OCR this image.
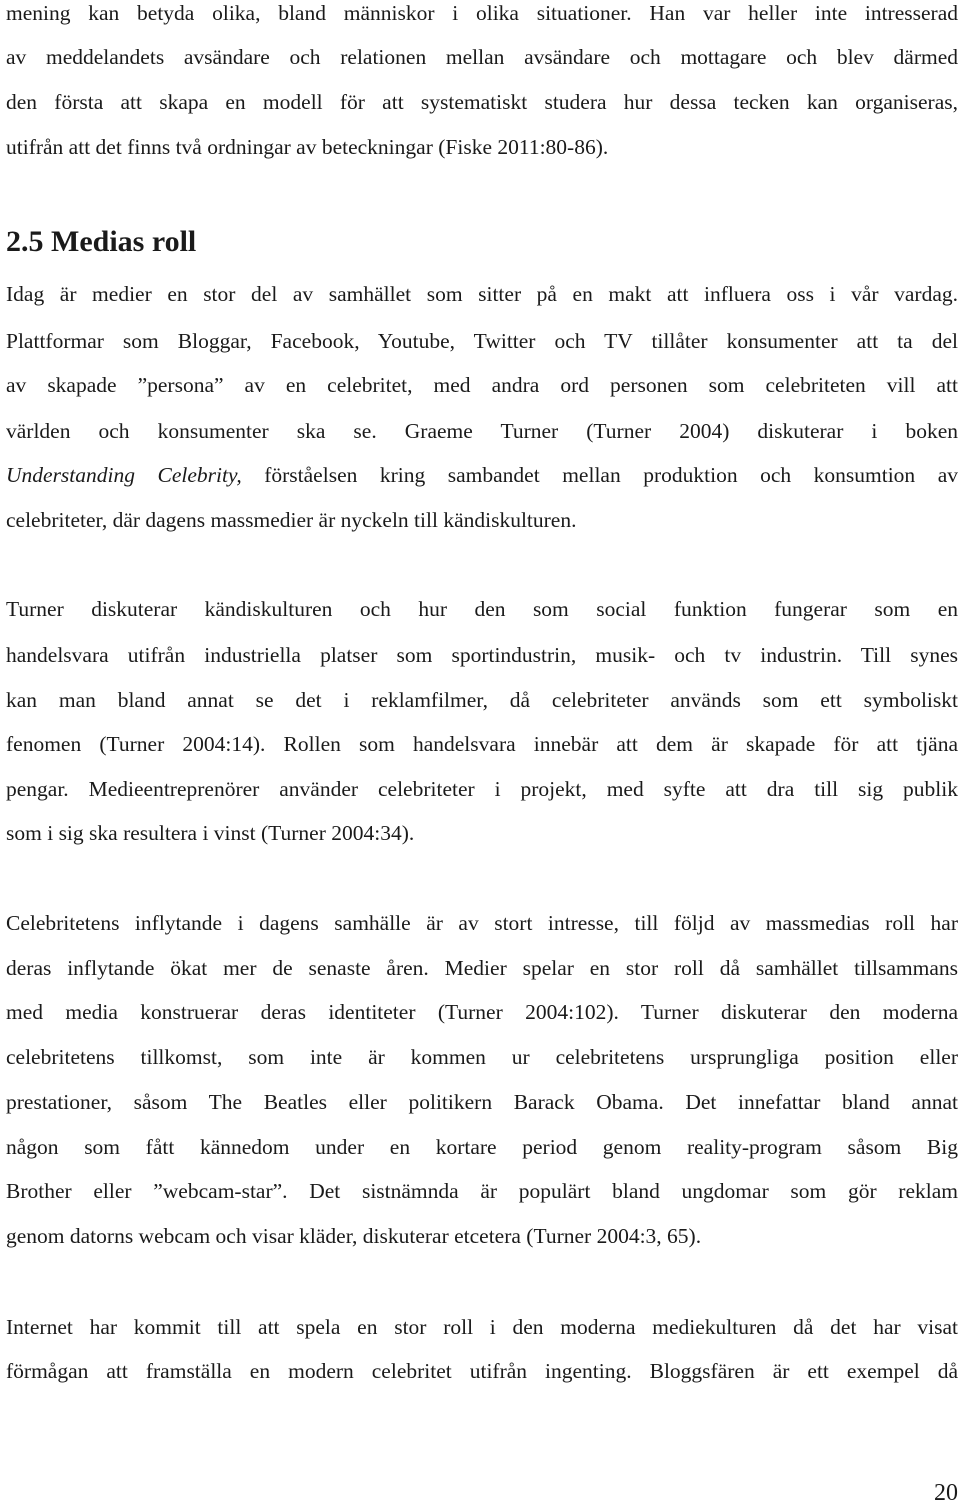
mening kan betyda olika, bland människor i olika situationer. Han var heller inte intresserad
av meddelandets avsändare och relationen mellan avsändare och mottagare och blev därmed
den första att skapa en modell för att systematiskt studera hur dessa tecken kan organiseras,
utifrån att det finns två ordningar av beteckningar (Fiske 2011:80-86).
2.5 Medias roll
Idag är medier en stor del av samhället som sitter på en makt att influera oss i vår vardag.
Plattformar som Bloggar, Facebook, Youtube, Twitter och TV tillåter konsumenter att ta del
av skapade ”persona” av en celebritet, med andra ord personen som celebriteten vill att
världen och konsumenter ska se. Graeme Turner (Turner 2004) diskuterar i boken
Understanding Celebrity, förståelsen kring sambandet mellan produktion och konsumtion av
celebriteter, där dagens massmedier är nyckeln till kändiskulturen.
Turner diskuterar kändiskulturen och hur den som social funktion fungerar som en
handelsvara utifrån industriella platser som sportindustrin, musik- och tv industrin. Till synes
kan man bland annat se det i reklamfilmer, då celebriteter används som ett symboliskt
fenomen (Turner 2004:14). Rollen som handelsvara innebär att dem är skapade för att tjäna
pengar. Medieentreprenörer använder celebriteter i projekt, med syfte att dra till sig publik
som i sig ska resultera i vinst (Turner 2004:34).
Celebritetens inflytande i dagens samhälle är av stort intresse, till följd av massmedias roll har
deras inflytande ökat mer de senaste åren. Medier spelar en stor roll då samhället tillsammans
med media konstruerar deras identiteter (Turner 2004:102). Turner diskuterar den moderna
celebritetens tillkomst, som inte är kommen ur celebritetens ursprungliga position eller
prestationer, såsom The Beatles eller politikern Barack Obama. Det innefattar bland annat
någon som fått kännedom under en kortare period genom reality-program såsom Big
Brother eller ”webcam-star”. Det sistnämnda är populärt bland ungdomar som gör reklam
genom datorns webcam och visar kläder, diskuterar etcetera (Turner 2004:3, 65).
Internet har kommit till att spela en stor roll i den moderna mediekulturen då det har visat
förmågan att framställa en modern celebritet utifrån ingenting. Bloggsfären är ett exempel då
20
